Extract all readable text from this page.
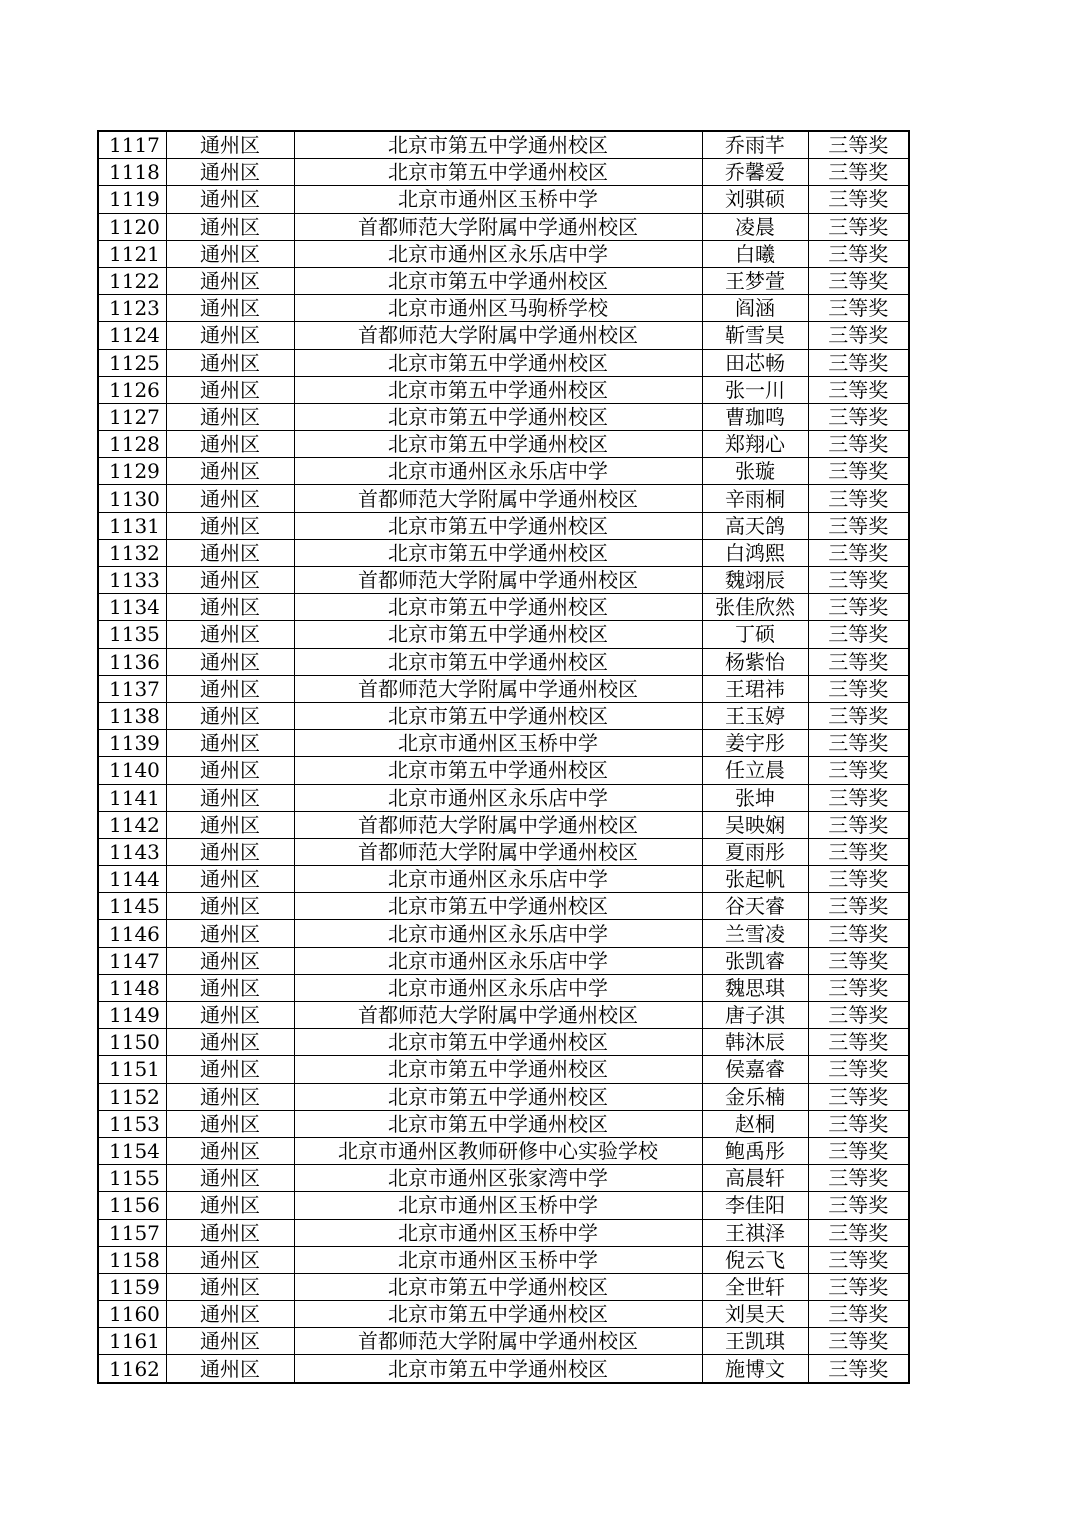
1117	通州区	北京市第五中学通州校区	乔雨芊	三等奖
1118	通州区	北京市第五中学通州校区	乔馨爱	三等奖
1119	通州区	北京市通州区玉桥中学	刘骐硕	三等奖
1120	通州区	首都师范大学附属中学通州校区	凌晨	三等奖
1121	通州区	北京市通州区永乐店中学	白曦	三等奖
1122	通州区	北京市第五中学通州校区	王梦萱	三等奖
1123	通州区	北京市通州区马驹桥学校	阎涵	三等奖
1124	通州区	首都师范大学附属中学通州校区	靳雪昊	三等奖
1125	通州区	北京市第五中学通州校区	田芯畅	三等奖
1126	通州区	北京市第五中学通州校区	张一川	三等奖
1127	通州区	北京市第五中学通州校区	曹珈鸣	三等奖
1128	通州区	北京市第五中学通州校区	郑翔心	三等奖
1129	通州区	北京市通州区永乐店中学	张璇	三等奖
1130	通州区	首都师范大学附属中学通州校区	辛雨桐	三等奖
1131	通州区	北京市第五中学通州校区	高天鸽	三等奖
1132	通州区	北京市第五中学通州校区	白鸿熙	三等奖
1133	通州区	首都师范大学附属中学通州校区	魏翊辰	三等奖
1134	通州区	北京市第五中学通州校区	张佳欣然	三等奖
1135	通州区	北京市第五中学通州校区	丁硕	三等奖
1136	通州区	北京市第五中学通州校区	杨紫怡	三等奖
1137	通州区	首都师范大学附属中学通州校区	王珺祎	三等奖
1138	通州区	北京市第五中学通州校区	王玉婷	三等奖
1139	通州区	北京市通州区玉桥中学	姜宇彤	三等奖
1140	通州区	北京市第五中学通州校区	任立晨	三等奖
1141	通州区	北京市通州区永乐店中学	张坤	三等奖
1142	通州区	首都师范大学附属中学通州校区	吴映娴	三等奖
1143	通州区	首都师范大学附属中学通州校区	夏雨彤	三等奖
1144	通州区	北京市通州区永乐店中学	张起帆	三等奖
1145	通州区	北京市第五中学通州校区	谷天睿	三等奖
1146	通州区	北京市通州区永乐店中学	兰雪凌	三等奖
1147	通州区	北京市通州区永乐店中学	张凯睿	三等奖
1148	通州区	北京市通州区永乐店中学	魏思琪	三等奖
1149	通州区	首都师范大学附属中学通州校区	唐子淇	三等奖
1150	通州区	北京市第五中学通州校区	韩沐辰	三等奖
1151	通州区	北京市第五中学通州校区	侯嘉睿	三等奖
1152	通州区	北京市第五中学通州校区	金乐楠	三等奖
1153	通州区	北京市第五中学通州校区	赵桐	三等奖
1154	通州区	北京市通州区教师研修中心实验学校	鲍禹彤	三等奖
1155	通州区	北京市通州区张家湾中学	高晨轩	三等奖
1156	通州区	北京市通州区玉桥中学	李佳阳	三等奖
1157	通州区	北京市通州区玉桥中学	王祺泽	三等奖
1158	通州区	北京市通州区玉桥中学	倪云飞	三等奖
1159	通州区	北京市第五中学通州校区	全世轩	三等奖
1160	通州区	北京市第五中学通州校区	刘昊天	三等奖
1161	通州区	首都师范大学附属中学通州校区	王凯琪	三等奖
1162	通州区	北京市第五中学通州校区	施博文	三等奖
